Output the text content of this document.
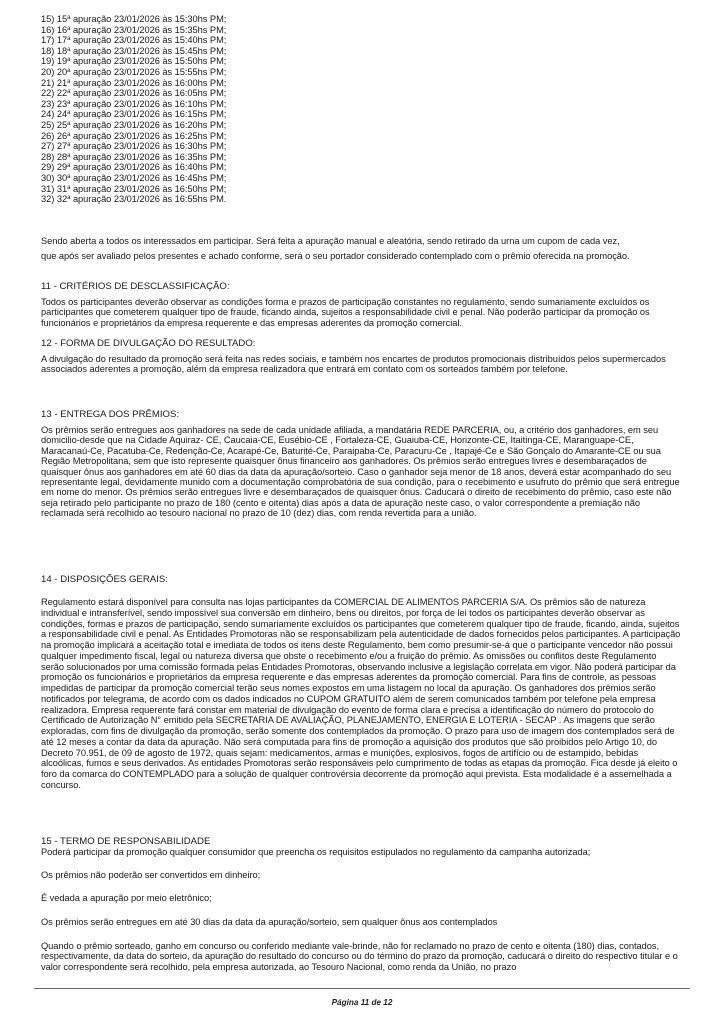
15) 15$^a$ apuração 23/01/2026 às 15:30hs PM;
16) 16$^a$ apuração 23/01/2026 às 15:35hs PM;
17) 17$^a$ apuração 23/01/2026 às 15:40hs PM;
18) 18$^a$ apuração 23/01/2026 às 15:45hs PM;
19) 19$^a$ apuração 23/01/2026 às 15:50hs PM;
20) 20$^a$ apuração 23/01/2026 às 15:55hs PM;
21) 21$^a$ apuração 23/01/2026 às 16:00hs PM;
22) 22$^a$ apuração 23/01/2026 às 16:05hs PM;
23) 23$^a$ apuração 23/01/2026 às 16:10hs PM;
24) 24$^a$ apuração 23/01/2026 às 16:15hs PM;
25) 25$^a$ apuração 23/01/2026 às 16:20hs PM;
26) 26$^a$ apuração 23/01/2026 às 16:25hs PM;
27) 27$^a$ apuração 23/01/2026 às 16:30hs PM;
28) 28$^a$ apuração 23/01/2026 às 16:35hs PM;
29) 29$^a$ apuração 23/01/2026 às 16:40hs PM;
30) 30$^a$ apuração 23/01/2026 às 16:45hs PM;
31) 31$^a$ apuração 23/01/2026 às 16:50hs PM;
32) 32$^a$ apuração 23/01/2026 às 16:55hs PM.
Sendo aberta a todos os interessados em participar. Será feita a apuração manual e aleatória, sendo retirado da urna um cupom de cada vez,
que após ser avaliado pelos presentes e achado conforme, será o seu portador considerado contemplado com o prêmio oferecida na promoção.
11 - CRITÉRIOS DE DESCLASSIFICAÇÃO:
Todos os participantes deverão observar as condições forma e prazos de participação constantes no regulamento, sendo sumariamente excluídos os participantes que cometerem qualquer tipo de fraude, ficando ainda, sujeitos a responsabilidade civil e penal. Não poderão participar da promoção os funcionários e proprietários da empresa requerente e das empresas aderentes da promoção comercial.
12 - FORMA DE DIVULGAÇÃO DO RESULTADO:
A divulgação do resultado da promoção será feita nas redes sociais, e também nos encartes de produtos promocionais distribuídos pelos supermercados associados aderentes a promoção, além da empresa realizadora que entrará em contato com os sorteados também por telefone.
13 - ENTREGA DOS PRÊMIOS:
Os prêmios serão entregues aos ganhadores na sede de cada unidade afiliada, a mandatária REDE PARCERIA, ou, a critério dos ganhadores, em seu domicilio-desde que na Cidade Aquiraz- CE, Caucaia-CE, Eusébio-CE , Fortaleza-CE, Guaiuba-CE, Horizonte-CE, Itaitinga-CE, Maranguape-CE, Maracanaú-Ce, Pacatuba-Ce, Redenção-Ce, Acarapé-Ce, Baturité-Ce, Paraipaba-Ce, Paracuru-Ce , Itapajé-Ce e São Gonçalo do Amarante-CE ou sua Região Metropolitana, sem que isto represente quaisquer ônus financeiro aos ganhadores. Os prêmios serão entregues livres e desembaraçados de quaisquer ônus aos ganhadores em até 60 dias da data da apuração/sorteio. Caso o ganhador seja menor de 18 anos, deverá estar acompanhado do seu representante legal, devidamente munido com a documentação comprobatória de sua condição, para o recebimento e usufruto do prêmio que será entregue em nome do menor. Os prêmios serão entregues livre e desembaraçados de quaisquer ônus. Caducará o direito de recebimento do prêmio, caso este não seja retirado pelo participante no prazo de 180 (cento e oitenta) dias após a data de apuração neste caso, o valor correspondente a premiação não reclamada será recolhido ao tesouro nacional no prazo de 10 (dez) dias, com renda revertida para a união.
14 - DISPOSIÇÕES GERAIS:
Regulamento estará disponível para consulta nas lojas participantes da COMERCIAL DE ALIMENTOS PARCERIA S/A. Os prêmios são de natureza individual e intransferível, sendo impossível sua conversão em dinheiro, bens ou direitos, por força de lei todos os participantes deverão observar as condições, formas e prazos de participação, sendo sumariamente excluídos os participantes que cometerem qualquer tipo de fraude, ficando, ainda, sujeitos a responsabilidade civil e penal. As Entidades Promotoras não se responsabilizam pela autenticidade de dados fornecidos pelos participantes. A participação na promoção implicará a aceitação total e imediata de todos os itens deste Regulamento, bem como presumir-se-á que o participante vencedor não possui qualquer impedimento fiscal, legal ou natureza diversa que obste o recebimento e/ou a fruição do prêmio. As omissões ou conflitos deste Regulamento serão solucionados por uma comissão formada pelas Entidades Promotoras, observando inclusive a legislação correlata em vigor. Não poderá participar da promoção os funcionários e proprietários da empresa requerente e das empresas aderentes da promoção comercial. Para fins de controle, as pessoas impedidas de participar da promoção comercial terão seus nomes expostos em uma listagem no local da apuração. Os ganhadores dos prêmios serão notificados por telegrama, de acordo com os dados indicados no CUPOM GRATUITO além de serem comunicados também por telefone pela empresa realizadora. Empresa requerente fará constar em material de divulgação do evento de forma clara e precisa a identificação do número do protocolo do Certificado de Autorização N° emitido pela SECRETARIA DE AVALIAÇÃO, PLANEJAMENTO, ENERGIA E LOTERIA - SECAP . As imagens que serão exploradas, com fins de divulgação da promoção, serão somente dos contemplados da promoção. O prazo para uso de imagem dos contemplados será de até 12 meses a contar da data da apuração. Não será computada para fins de promoção a aquisição dos produtos que são proibidos pelo Artigo 10, do Decreto 70.951, de 09 de agosto de 1972, quais sejam: medicamentos, armas e munições, explosivos, fogos de artifício ou de estampido, bebidas alcoólicas, fumos e seus derivados. As entidades Promotoras serão responsáveis pelo cumprimento de todas as etapas da promoção. Fica desde já eleito o foro da comarca do CONTEMPLADO para a solução de qualquer controvérsia decorrente da promoção aqui prevista. Esta modalidade é a assemelhada a concurso.
15 - TERMO DE RESPONSABILIDADE
Poderá participar da promoção qualquer consumidor que preencha os requisitos estipulados no regulamento da campanha autorizada;
Os prêmios não poderão ser convertidos em dinheiro;
É vedada a apuração por meio eletrônico;
Os prêmios serão entregues em até 30 dias da data da apuração/sorteio, sem qualquer ônus aos contemplados
Quando o prêmio sorteado, ganho em concurso ou conferido mediante vale-brinde, não for reclamado no prazo de cento e oitenta (180) dias, contados, respectivamente, da data do sorteio, da apuração do resultado do concurso ou do término do prazo da promoção, caducará o direito do respectivo titular e o valor correspondente será recolhido, pela empresa autorizada, ao Tesouro Nacional, como renda da União, no prazo
Página 11 de 12
